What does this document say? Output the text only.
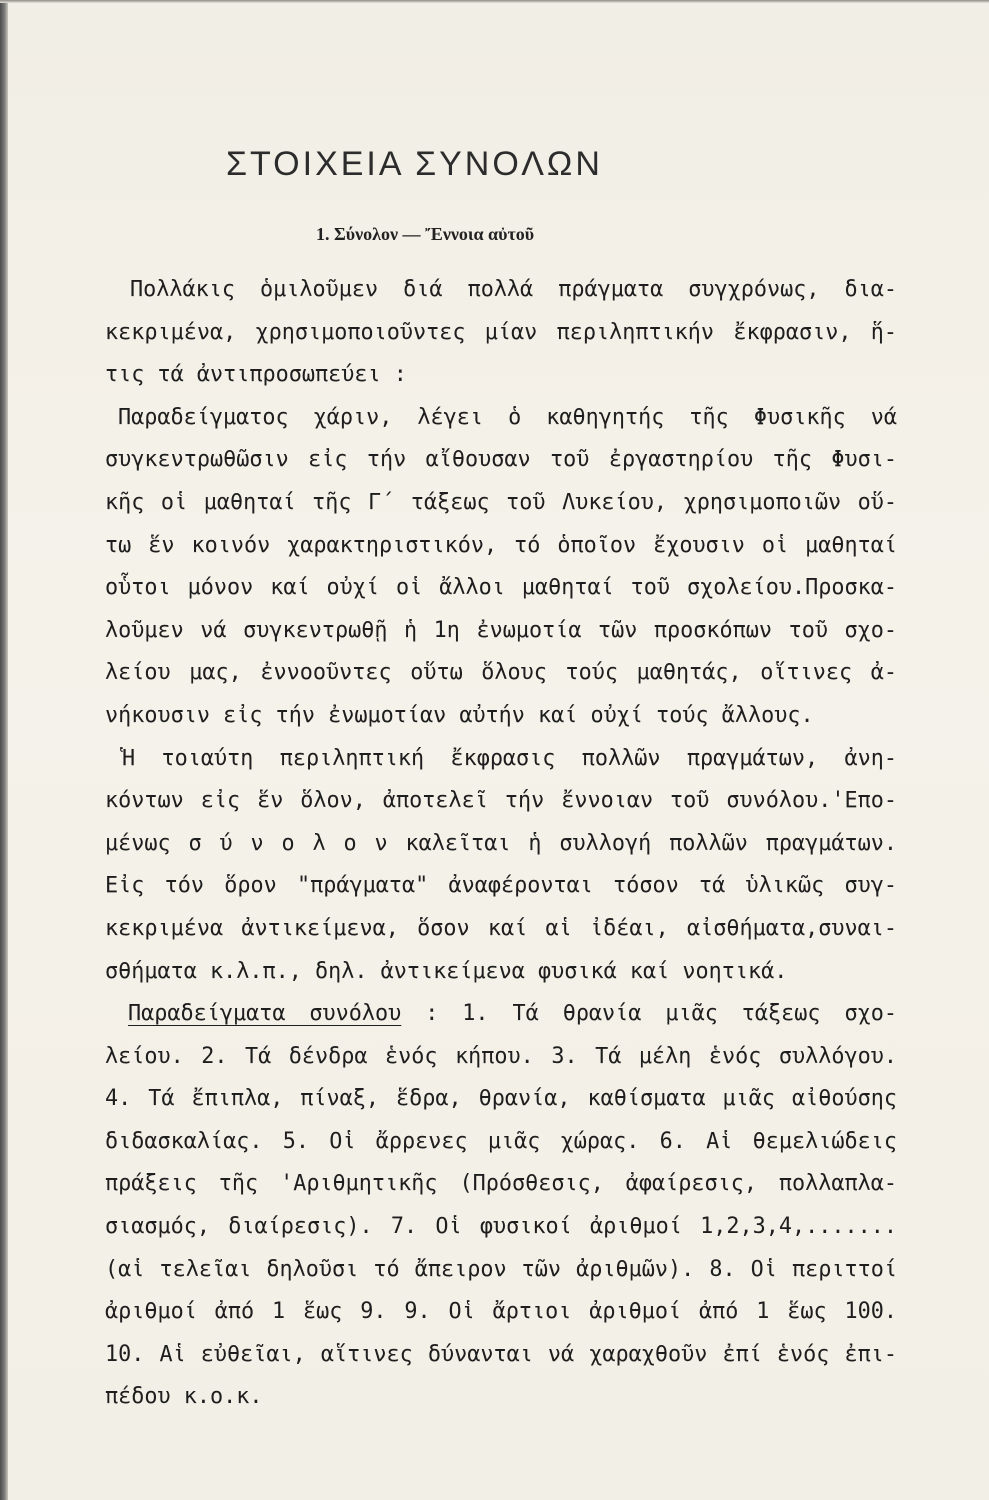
ΣΤΟΙΧΕΙΑ ΣΥΝΟΛΩΝ
1. Σύνολον — Ἔννοια αὐτοῦ
Πολλάκις ὁμιλοῦμεν διά πολλά πράγματα συγχρόνως, δια-
κεκριμένα, χρησιμοποιοῦντες μίαν περιληπτικήν ἔκφρασιν, ἥ-
τις τά ἀντιπροσωπεύει :
Παραδείγματος χάριν, λέγει ὁ καθηγητής τῆς Φυσικῆς νά
συγκεντρωθῶσιν εἰς τήν αἴθουσαν τοῦ ἐργαστηρίου τῆς Φυσι-
κῆς οἱ μαθηταί τῆς Γ΄ τάξεως τοῦ Λυκείου, χρησιμοποιῶν οὕ-
τω ἕν κοινόν χαρακτηριστικόν, τό ὁποῖον ἔχουσιν οἱ μαθηταί
οὗτοι μόνον καί οὐχί οἱ ἄλλοι μαθηταί τοῦ σχολείου.Προσκα-
λοῦμεν νά συγκεντρωθῇ ἡ 1η ἐνωμοτία τῶν προσκόπων τοῦ σχο-
λείου μας, ἐννοοῦντες οὕτω ὅλους τούς μαθητάς, οἵτινες ἀ-
νήκουσιν εἰς τήν ἐνωμοτίαν αὐτήν καί οὐχί τούς ἄλλους.
Ἡ τοιαύτη περιληπτική ἔκφρασις πολλῶν πραγμάτων, ἀνη-
κόντων εἰς ἕν ὅλον, ἀποτελεῖ τήν ἔννοιαν τοῦ συνόλου.'Επο-
μένως σ ύ ν ο λ ο ν καλεῖται ἡ συλλογή πολλῶν πραγμάτων.
Εἰς τόν ὅρον "πράγματα" ἀναφέρονται τόσον τά ὑλικῶς συγ-
κεκριμένα ἀντικείμενα, ὅσον καί αἱ ἰδέαι, αἰσθήματα,συναι-
σθήματα κ.λ.π., δηλ. ἀντικείμενα φυσικά καί νοητικά.
Παραδείγματα συνόλου : 1. Τά θρανία μιᾶς τάξεως σχο-
λείου. 2. Τά δένδρα ἑνός κήπου. 3. Τά μέλη ἑνός συλλόγου.
4. Τά ἔπιπλα, πίναξ, ἕδρα, θρανία, καθίσματα μιᾶς αἰθούσης
διδασκαλίας. 5. Οἱ ἄρρενες μιᾶς χώρας. 6. Αἱ θεμελιώδεις
πράξεις τῆς 'Αριθμητικῆς (Πρόσθεσις, ἀφαίρεσις, πολλαπλα-
σιασμός, διαίρεσις). 7. Οἱ φυσικοί ἀριθμοί 1,2,3,4,.......
(αἱ τελεῖαι δηλοῦσι τό ἄπειρον τῶν ἀριθμῶν). 8. Οἱ περιττοί
ἀριθμοί ἀπό 1 ἕως 9. 9. Οἱ ἄρτιοι ἀριθμοί ἀπό 1 ἕως 100.
10. Αἱ εὐθεῖαι, αἵτινες δύνανται νά χαραχθοῦν ἐπί ἑνός ἐπι-
πέδου κ.ο.κ.
